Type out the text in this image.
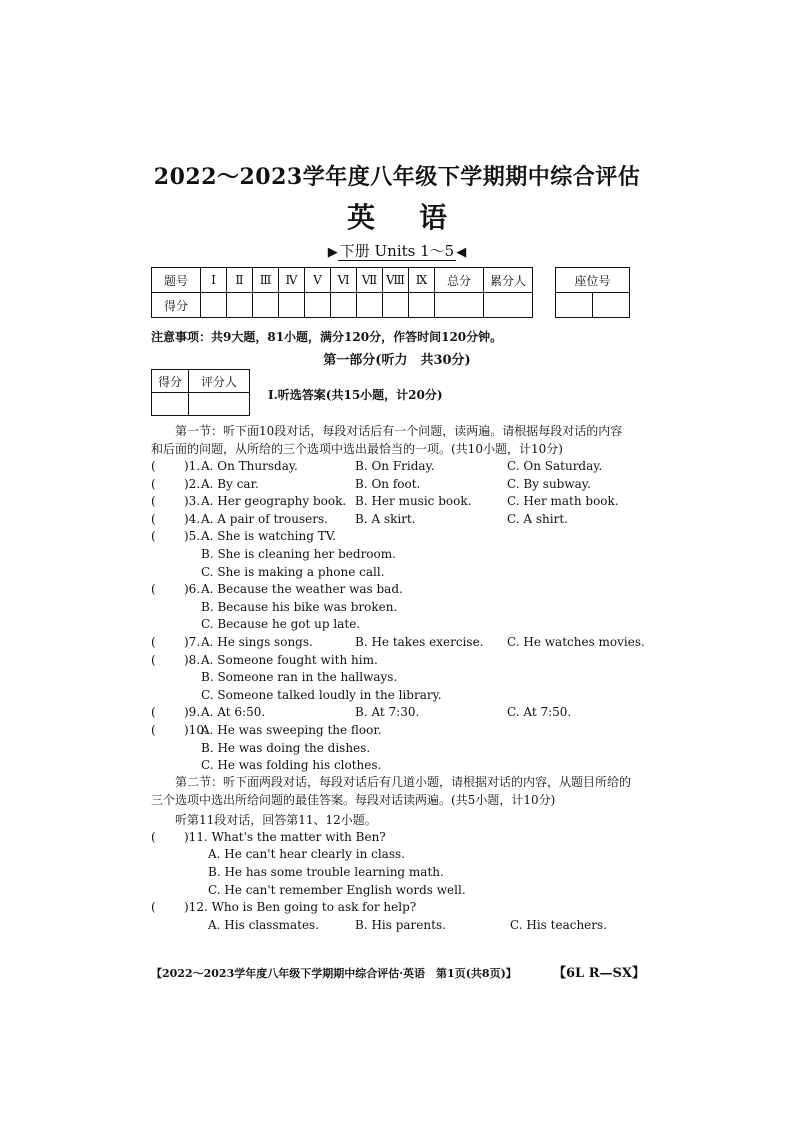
2022～2023学年度八年级下学期期中综合评估
英语
▶ 下册 Units 1～5 ◀
题号	Ⅰ	Ⅱ	Ⅲ	Ⅳ	Ⅴ	Ⅵ	Ⅶ	Ⅷ	Ⅸ	总分	累分人
得分											
座位号

注意事项：共9大题，81小题，满分120分，作答时间120分钟。
第一部分(听力　共30分)
得分	评分人

Ⅰ.听选答案(共15小题，计20分)
第一节：听下面10段对话，每段对话后有一个问题，读两遍。请根据每段对话的内容和后面的问题，从所给的三个选项中选出最恰当的一项。(共10小题，计10分)
( )1. A. On Thursday.	B. On Friday.	C. On Saturday.
( )2. A. By car.	B. On foot.	C. By subway.
( )3. A. Her geography book. B. Her music book.	C. Her math book.
( )4. A. A pair of trousers. B. A skirt.	C. A shirt.
( )5. A. She is watching TV.
B. She is cleaning her bedroom.
C. She is making a phone call.
( )6. A. Because the weather was bad.
B. Because his bike was broken.
C. Because he got up late.
( )7. A. He sings songs.	B. He takes exercise. C. He watches movies.
( )8. A. Someone fought with him.
B. Someone ran in the hallways.
C. Someone talked loudly in the library.
( )9. A. At 6:50.	B. At 7:30.	C. At 7:50.
( )10.
A. He was sweeping the floor.
B. He was doing the dishes.
C. He was folding his clothes.
第二节：听下面两段对话，每段对话后有几道小题，请根据对话的内容，从题目所给的三个选项中选出所给问题的最佳答案。每段对话读两遍。(共5小题，计10分)
听第11段对话，回答第11、12小题。
( )11. What's the matter with Ben?
A. He can't hear clearly in class.
B. He has some trouble learning math.
C. He can't remember English words well.
( )12. Who is Ben going to ask for help?
A. His classmates.	B. His parents.	C. His teachers.
【2022～2023学年度八年级下学期期中综合评估·英语　第1页(共8页)】	【6L R—SX】
